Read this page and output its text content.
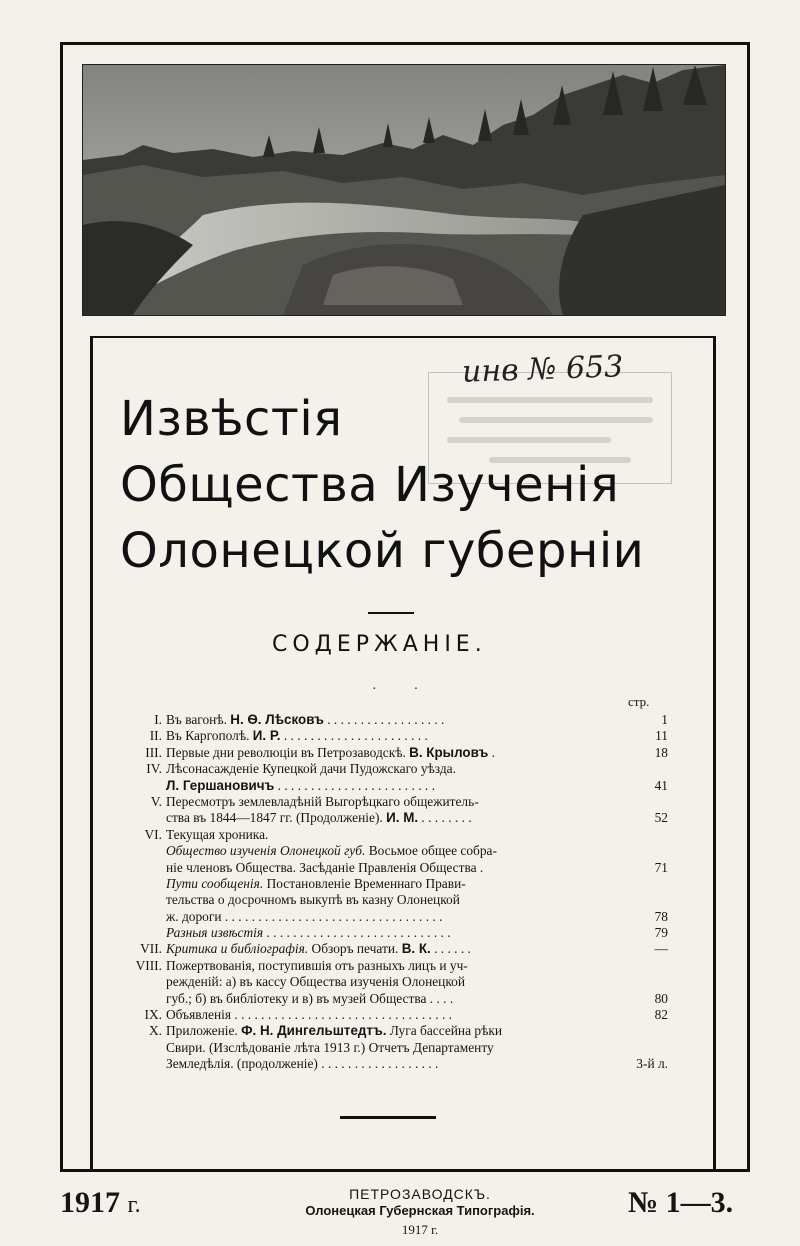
инв № 653
Извѣстія
Общества Изученія
Олонецкой губерніи
СОДЕРЖАНІЕ.
·  ·
стр.
I. Въ вагонѣ. Н. Ѳ. Лѣсковъ . . . . . . . . . . . . . . . . . .	1
II. Въ Каргополѣ. И. Р. . . . . . . . . . . . . . . . . . . . . . .	11
III. Первые дни революціи въ Петрозаводскѣ. В. Крыловъ .	18
IV. Лѣсонасажденіе Купецкой дачи Пудожскаго уѣзда.
Л. Гершановичъ . . . . . . . . . . . . . . . . . . . . . . . .	41
V. Пересмотръ землевладѣній Выгорѣцкаго общежитель-
ства въ 1844—1847 гг. (Продолженіе). И. М. . . . . . . . .	52
VI. Текущая хроника.
Общество изученія Олонецкой губ. Восьмое общее собра-
ніе членовъ Общества. Засѣданіе Правленія Общества .	71
Пути сообщенія. Постановленіе Временнаго Прави-
тельства о досрочномъ выкупѣ въ казну Олонецкой
ж. дороги . . . . . . . . . . . . . . . . . . . . . . . . . . . . . . . . .	78
Разныя извѣстія . . . . . . . . . . . . . . . . . . . . . . . . . . . .	79
VII. Критика и библіографія. Обзоръ печати. В. К. . . . . . .	—
VIII. Пожертвованія, поступившія отъ разныхъ лицъ и уч-
режденій: а) въ кассу Общества изученія Олонецкой
губ.; б) въ библіотеку и в) въ музей Общества . . . .	80
IX. Объявленія . . . . . . . . . . . . . . . . . . . . . . . . . . . . . . . . .	82
X. Приложеніе. Ф. Н. Дингельштедтъ. Луга бассейна рѣки
Свири. (Изслѣдованіе лѣта 1913 г.) Отчетъ Департаменту
Земледѣлія. (продолженіе) . . . . . . . . . . . . . . . . . .	3-й л.
1917 г.	ПЕТРОЗАВОДСКЪ.
Олонецкая Губернская Типографія.
1917 г.
№ 1—3.
